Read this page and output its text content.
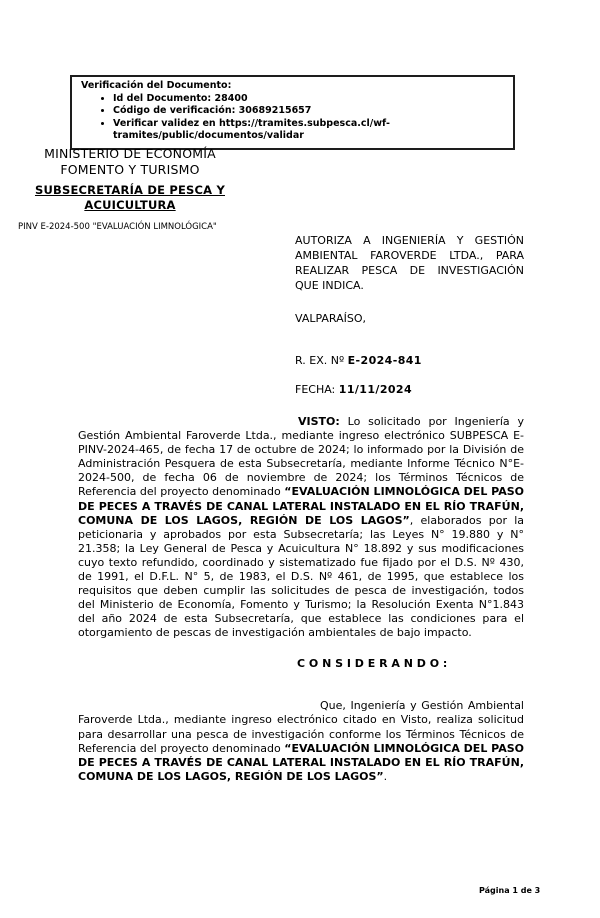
Verificación del Documento:
• Id del Documento: 28400
• Código de verificación: 30689215657
• Verificar validez en https://tramites.subpesca.cl/wf-tramites/public/documentos/validar
MINISTERIO DE ECONOMÍA
FOMENTO Y TURISMO
SUBSECRETARÍA DE PESCA Y
ACUICULTURA
PINV E-2024-500 "EVALUACIÓN LIMNOLÓGICA"
AUTORIZA A INGENIERÍA Y GESTIÓN AMBIENTAL FAROVERDE LTDA., PARA REALIZAR PESCA DE INVESTIGACIÓN QUE INDICA.
VALPARAÍSO,
R. EX. Nº E-2024-841
FECHA: 11/11/2024

VISTO: Lo solicitado por Ingeniería y Gestión Ambiental Faroverde Ltda., mediante ingreso electrónico SUBPESCA E-PINV-2024-465, de fecha 17 de octubre de 2024; lo informado por la División de Administración Pesquera de esta Subsecretaría, mediante Informe Técnico N°E-2024-500, de fecha 06 de noviembre de 2024; los Términos Técnicos de Referencia del proyecto denominado “EVALUACIÓN LIMNOLÓGICA DEL PASO DE PECES A TRAVÉS DE CANAL LATERAL INSTALADO EN EL RÍO TRAFÚN, COMUNA DE LOS LAGOS, REGIÓN DE LOS LAGOS”, elaborados por la peticionaria y aprobados por esta Subsecretaría; las Leyes N° 19.880 y N° 21.358; la Ley General de Pesca y Acuicultura N° 18.892 y sus modificaciones cuyo texto refundido, coordinado y sistematizado fue fijado por el D.S. Nº 430, de 1991, el D.F.L. N° 5, de 1983, el D.S. Nº 461, de 1995, que establece los requisitos que deben cumplir las solicitudes de pesca de investigación, todos del Ministerio de Economía, Fomento y Turismo; la Resolución Exenta N°1.843 del año 2024 de esta Subsecretaría, que establece las condiciones para el otorgamiento de pescas de investigación ambientales de bajo impacto.

C O N S I D E R A N D O :

Que, Ingeniería y Gestión Ambiental Faroverde Ltda., mediante ingreso electrónico citado en Visto, realiza solicitud para desarrollar una pesca de investigación conforme los Términos Técnicos de Referencia del proyecto denominado “EVALUACIÓN LIMNOLÓGICA DEL PASO DE PECES A TRAVÉS DE CANAL LATERAL INSTALADO EN EL RÍO TRAFÚN, COMUNA DE LOS LAGOS, REGIÓN DE LOS LAGOS”.

Página 1 de 3
